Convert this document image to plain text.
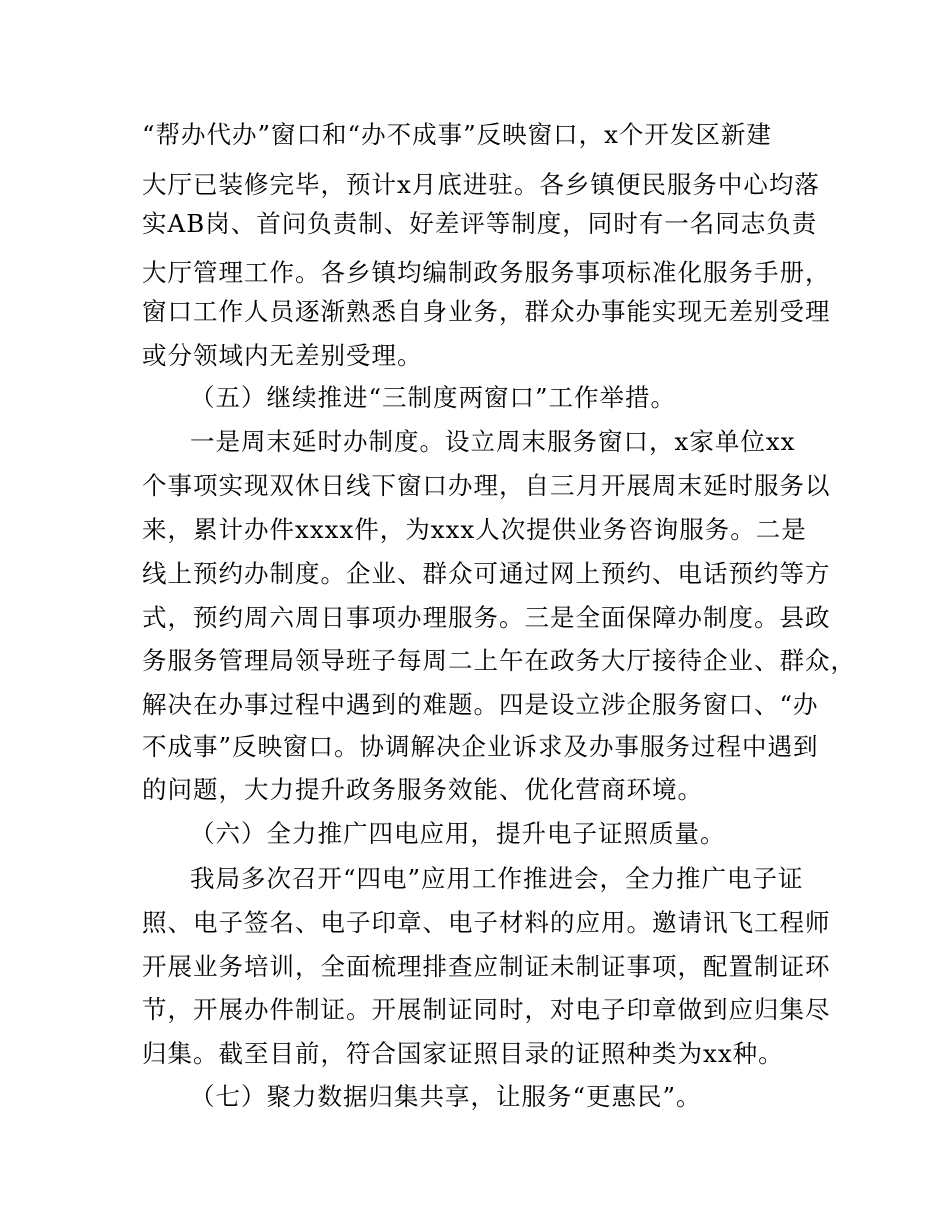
“帮办代办”窗口和“办不成事”反映窗口，x个开发区新建

大厅已装修完毕，预计x月底进驻。各乡镇便民服务中心均落

实AB岗、首问负责制、好差评等制度，同时有一名同志负责

大厅管理工作。各乡镇均编制政务服务事项标准化服务手册，

窗口工作人员逐渐熟悉自身业务，群众办事能实现无差别受理

或分领域内无差别受理。

（五）继续推进“三制度两窗口”工作举措。

一是周末延时办制度。设立周末服务窗口，x家单位xx

个事项实现双休日线下窗口办理，自三月开展周末延时服务以

来，累计办件xxxx件，为xxx人次提供业务咨询服务。二是

线上预约办制度。企业、群众可通过网上预约、电话预约等方

式，预约周六周日事项办理服务。三是全面保障办制度。县政

务服务管理局领导班子每周二上午在政务大厅接待企业、群众，

解决在办事过程中遇到的难题。四是设立涉企服务窗口、“办

不成事”反映窗口。协调解决企业诉求及办事服务过程中遇到

的问题，大力提升政务服务效能、优化营商环境。

（六）全力推广四电应用，提升电子证照质量。

我局多次召开“四电”应用工作推进会，全力推广电子证

照、电子签名、电子印章、电子材料的应用。邀请讯飞工程师

开展业务培训，全面梳理排查应制证未制证事项，配置制证环

节，开展办件制证。开展制证同时，对电子印章做到应归集尽

归集。截至目前，符合国家证照目录的证照种类为xx种。

（七）聚力数据归集共享，让服务“更惠民”。
